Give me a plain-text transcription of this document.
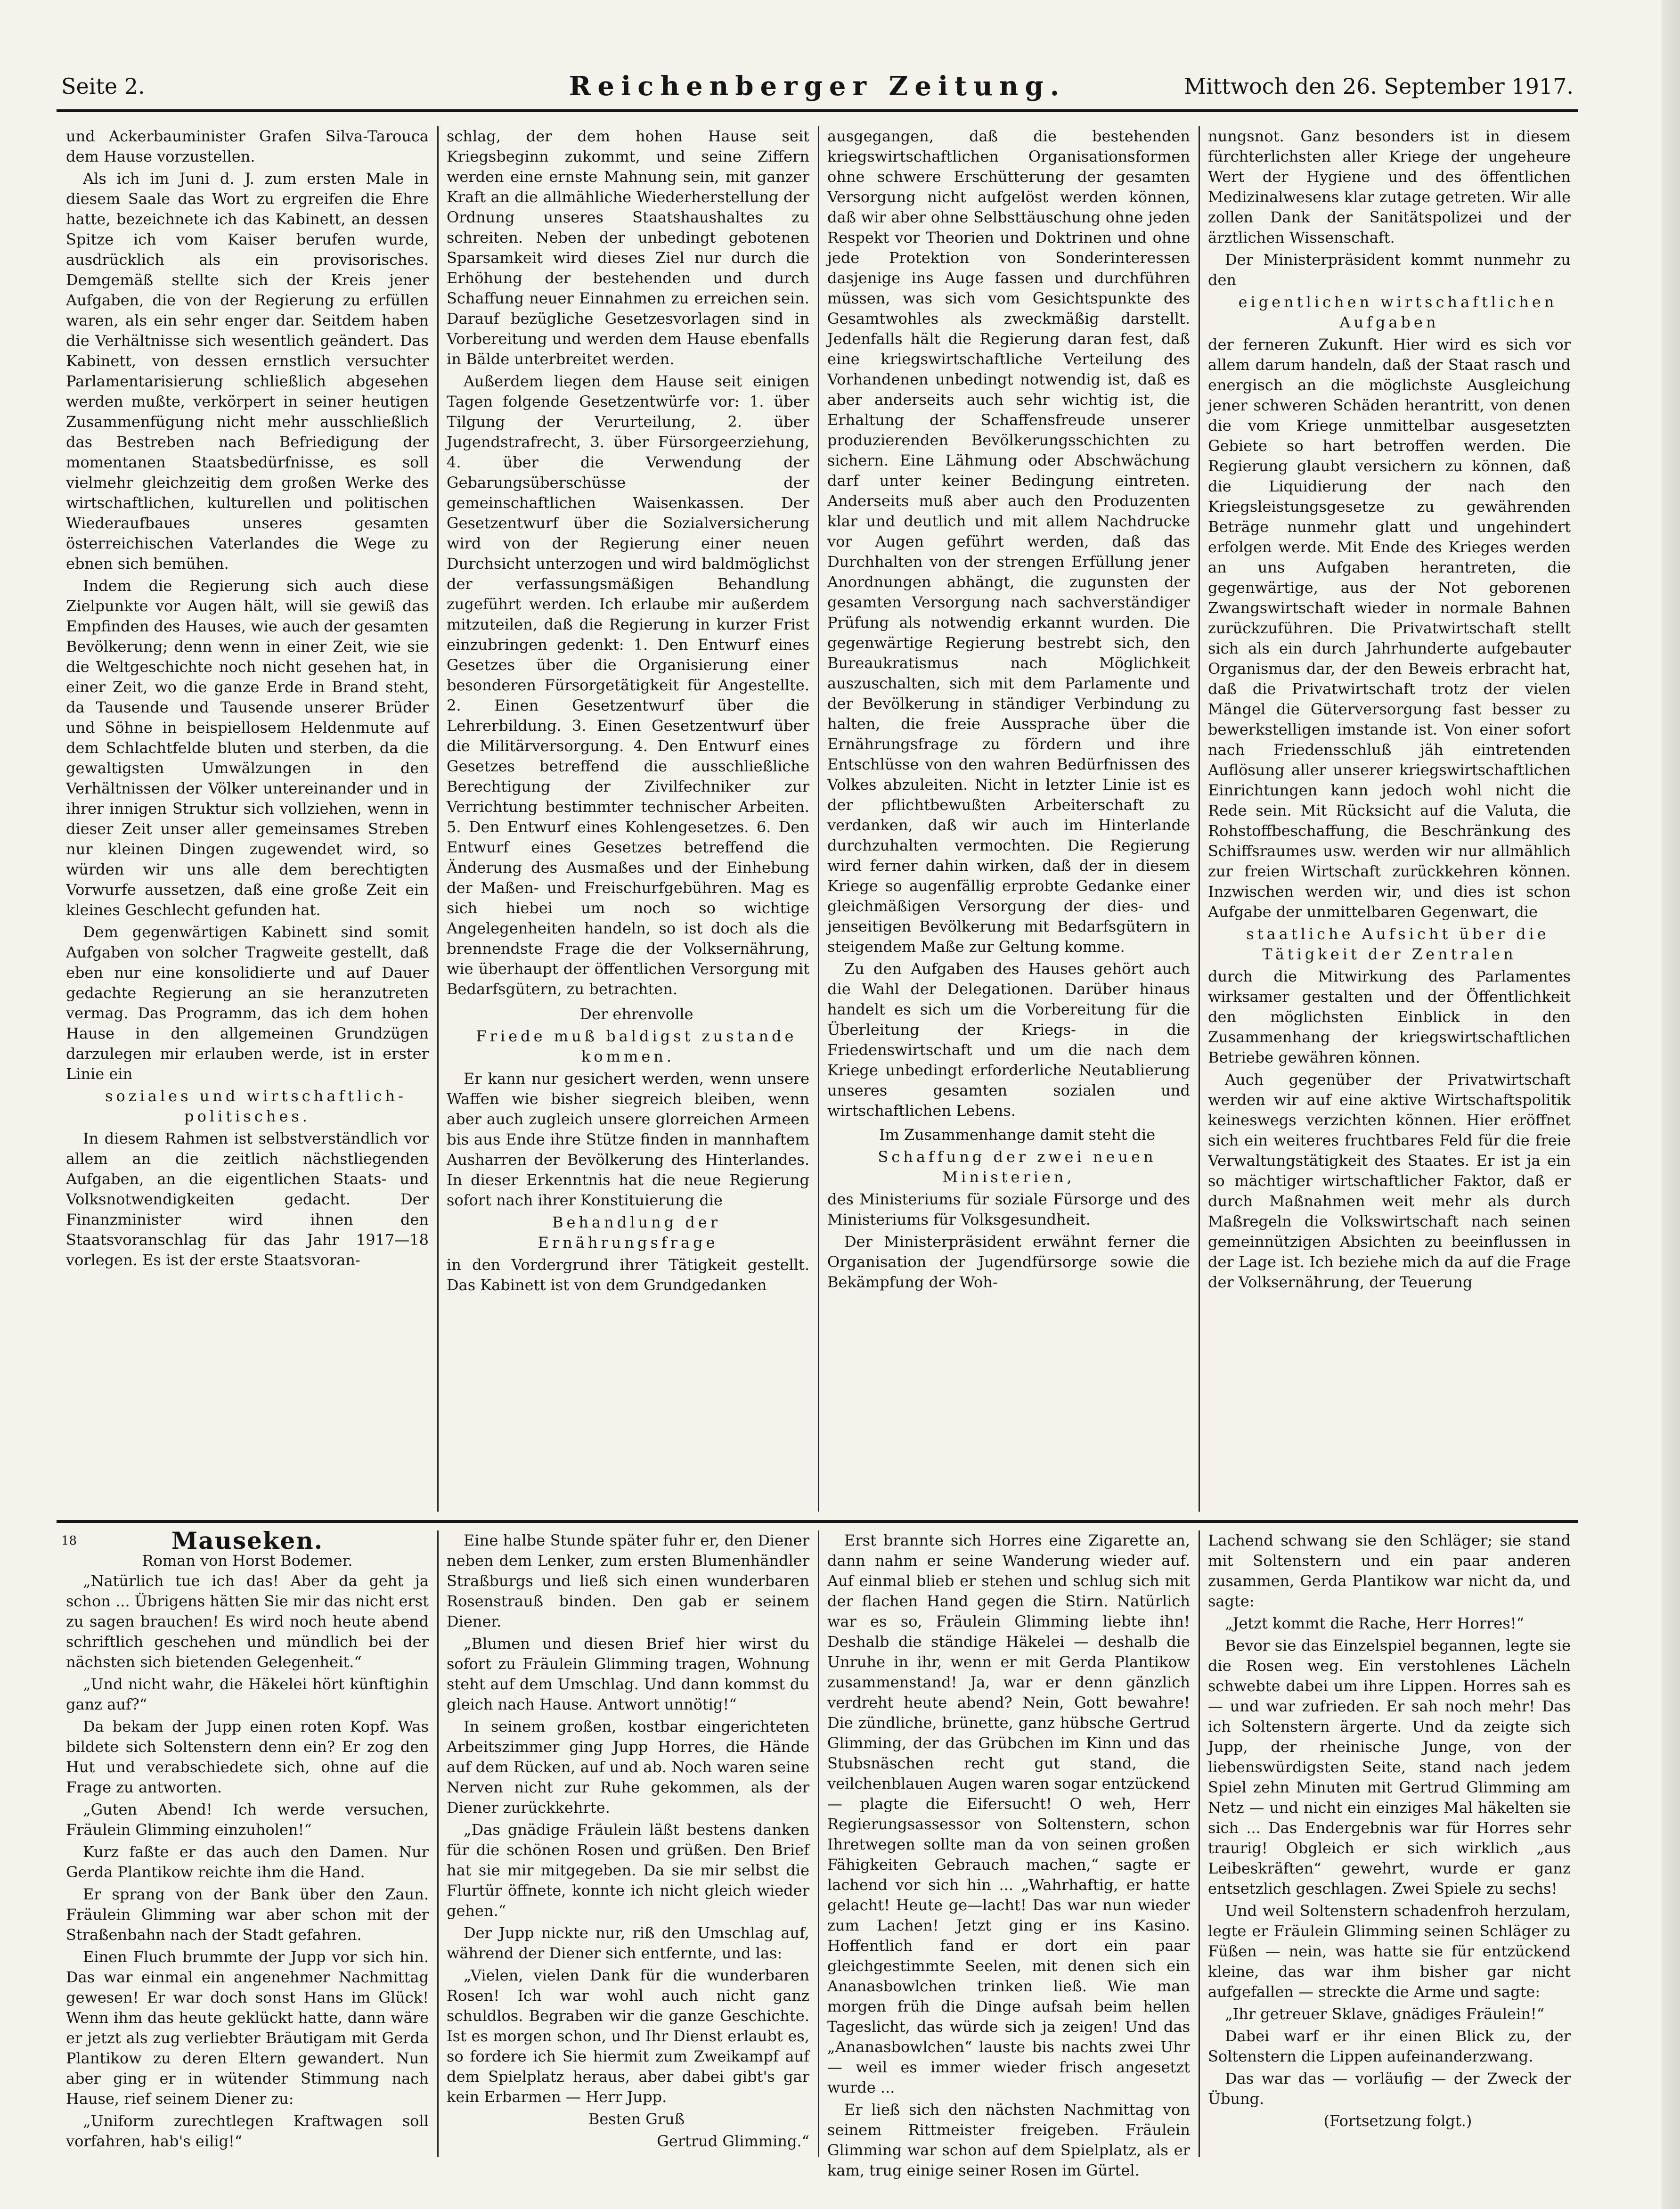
Seite 2.	Reichenberger Zeitung.	Mittwoch den 26. September 1917.

und Ackerbauminister Grafen Silva-Tarouca dem Hause vorzustellen.

Als ich im Juni d. J. zum ersten Male in diesem Saale das Wort zu ergreifen die Ehre hatte, bezeichnete ich das Kabinett, an dessen Spitze ich vom Kaiser berufen wurde, ausdrücklich als ein provisorisches. Demgemäß stellte sich der Kreis jener Aufgaben, die von der Regierung zu erfüllen waren, als ein sehr enger dar. Seitdem haben die Verhältnisse sich wesentlich geändert. Das Kabinett, von dessen ernstlich versuchter Parlamentarisierung schließlich abgesehen werden mußte, verkörpert in seiner heutigen Zusammenfügung nicht mehr ausschließlich das Bestreben nach Befriedigung der momentanen Staatsbedürfnisse, es soll vielmehr gleichzeitig dem großen Werke des wirtschaftlichen, kulturellen und politischen Wiederaufbaues unseres gesamten österreichischen Vaterlandes die Wege zu ebnen sich bemühen.

Indem die Regierung sich auch diese Zielpunkte vor Augen hält, will sie gewiß das Empfinden des Hauses, wie auch der gesamten Bevölkerung; denn wenn in einer Zeit, wie sie die Weltgeschichte noch nicht gesehen hat, in einer Zeit, wo die ganze Erde in Brand steht, da Tausende und Tausende unserer Brüder und Söhne in beispiellosem Heldenmute auf dem Schlachtfelde bluten und sterben, da die gewaltigsten Umwälzungen in den Verhältnissen der Völker untereinander und in ihrer innigen Struktur sich vollziehen, wenn in dieser Zeit unser aller gemeinsames Streben nur kleinen Dingen zugewendet wird, so würden wir uns alle dem berechtigten Vorwurfe aussetzen, daß eine große Zeit ein kleines Geschlecht gefunden hat.

Dem gegenwärtigen Kabinett sind somit Aufgaben von solcher Tragweite gestellt, daß eben nur eine konsolidierte und auf Dauer gedachte Regierung an sie heranzutreten vermag. Das Programm, das ich dem hohen Hause in den allgemeinen Grundzügen darzulegen mir erlauben werde, ist in erster Linie ein

soziales und wirtschaftlich-politisches.

In diesem Rahmen ist selbstverständlich vor allem an die zeitlich nächstliegenden Aufgaben, an die eigentlichen Staats- und Volksnotwendigkeiten gedacht. Der Finanzminister wird ihnen den Staatsvoranschlag für das Jahr 1917—18 vorlegen. Es ist der erste Staatsvoran-

schlag, der dem hohen Hause seit Kriegsbeginn zukommt, und seine Ziffern werden eine ernste Mahnung sein, mit ganzer Kraft an die allmähliche Wiederherstellung der Ordnung unseres Staatshaushaltes zu schreiten. Neben der unbedingt gebotenen Sparsamkeit wird dieses Ziel nur durch die Erhöhung der bestehenden und durch Schaffung neuer Einnahmen zu erreichen sein. Darauf bezügliche Gesetzesvorlagen sind in Vorbereitung und werden dem Hause ebenfalls in Bälde unterbreitet werden.

Außerdem liegen dem Hause seit einigen Tagen folgende Gesetzentwürfe vor: 1. über Tilgung der Verurteilung, 2. über Jugendstrafrecht, 3. über Fürsorgeerziehung, 4. über die Verwendung der Gebarungsüberschüsse der gemeinschaftlichen Waisenkassen. Der Gesetzentwurf über die Sozialversicherung wird von der Regierung einer neuen Durchsicht unterzogen und wird baldmöglichst der verfassungsmäßigen Behandlung zugeführt werden. Ich erlaube mir außerdem mitzuteilen, daß die Regierung in kurzer Frist einzubringen gedenkt: 1. Den Entwurf eines Gesetzes über die Organisierung einer besonderen Fürsorgetätigkeit für Angestellte. 2. Einen Gesetzentwurf über die Lehrerbildung. 3. Einen Gesetzentwurf über die Militärversorgung. 4. Den Entwurf eines Gesetzes betreffend die ausschließliche Berechtigung der Zivilfechniker zur Verrichtung bestimmter technischer Arbeiten. 5. Den Entwurf eines Kohlengesetzes. 6. Den Entwurf eines Gesetzes betreffend die Änderung des Ausmaßes und der Einhebung der Maßen- und Freischurfgebühren. Mag es sich hiebei um noch so wichtige Angelegenheiten handeln, so ist doch als die brennendste Frage die der Volksernährung, wie überhaupt der öffentlichen Versorgung mit Bedarfsgütern, zu betrachten.

Der ehrenvolle

Friede muß baldigst zustande kommen.

Er kann nur gesichert werden, wenn unsere Waffen wie bisher siegreich bleiben, wenn aber auch zugleich unsere glorreichen Armeen bis aus Ende ihre Stütze finden in mannhaftem Ausharren der Bevölkerung des Hinterlandes. In dieser Erkenntnis hat die neue Regierung sofort nach ihrer Konstituierung die

Behandlung der Ernährungsfrage

in den Vordergrund ihrer Tätigkeit gestellt. Das Kabinett ist von dem Grundgedanken

ausgegangen, daß die bestehenden kriegswirtschaftlichen Organisationsformen ohne schwere Erschütterung der gesamten Versorgung nicht aufgelöst werden können, daß wir aber ohne Selbsttäuschung ohne jeden Respekt vor Theorien und Doktrinen und ohne jede Protektion von Sonderinteressen dasjenige ins Auge fassen und durchführen müssen, was sich vom Gesichtspunkte des Gesamtwohles als zweckmäßig darstellt. Jedenfalls hält die Regierung daran fest, daß eine kriegswirtschaftliche Verteilung des Vorhandenen unbedingt notwendig ist, daß es aber anderseits auch sehr wichtig ist, die Erhaltung der Schaffensfreude unserer produzierenden Bevölkerungsschichten zu sichern. Eine Lähmung oder Abschwächung darf unter keiner Bedingung eintreten. Anderseits muß aber auch den Produzenten klar und deutlich und mit allem Nachdrucke vor Augen geführt werden, daß das Durchhalten von der strengen Erfüllung jener Anordnungen abhängt, die zugunsten der gesamten Versorgung nach sachverständiger Prüfung als notwendig erkannt wurden. Die gegenwärtige Regierung bestrebt sich, den Bureaukratismus nach Möglichkeit auszuschalten, sich mit dem Parlamente und der Bevölkerung in ständiger Verbindung zu halten, die freie Aussprache über die Ernährungsfrage zu fördern und ihre Entschlüsse von den wahren Bedürfnissen des Volkes abzuleiten. Nicht in letzter Linie ist es der pflichtbewußten Arbeiterschaft zu verdanken, daß wir auch im Hinterlande durchzuhalten vermochten. Die Regierung wird ferner dahin wirken, daß der in diesem Kriege so augenfällig erprobte Gedanke einer gleichmäßigen Versorgung der dies- und jenseitigen Bevölkerung mit Bedarfsgütern in steigendem Maße zur Geltung komme.

Zu den Aufgaben des Hauses gehört auch die Wahl der Delegationen. Darüber hinaus handelt es sich um die Vorbereitung für die Überleitung der Kriegs- in die Friedenswirtschaft und um die nach dem Kriege unbedingt erforderliche Neutablierung unseres gesamten sozialen und wirtschaftlichen Lebens.

Im Zusammenhange damit steht die

Schaffung der zwei neuen Ministerien,

des Ministeriums für soziale Fürsorge und des Ministeriums für Volksgesundheit.

Der Ministerpräsident erwähnt ferner die Organisation der Jugendfürsorge sowie die Bekämpfung der Woh-

nungsnot. Ganz besonders ist in diesem fürchterlichsten aller Kriege der ungeheure Wert der Hygiene und des öffentlichen Medizinalwesens klar zutage getreten. Wir alle zollen Dank der Sanitätspolizei und der ärztlichen Wissenschaft.

Der Ministerpräsident kommt nunmehr zu den

eigentlichen wirtschaftlichen Aufgaben

der ferneren Zukunft. Hier wird es sich vor allem darum handeln, daß der Staat rasch und energisch an die möglichste Ausgleichung jener schweren Schäden herantritt, von denen die vom Kriege unmittelbar ausgesetzten Gebiete so hart betroffen werden. Die Regierung glaubt versichern zu können, daß die Liquidierung der nach den Kriegsleistungsgesetze zu gewährenden Beträge nunmehr glatt und ungehindert erfolgen werde. Mit Ende des Krieges werden an uns Aufgaben herantreten, die gegenwärtige, aus der Not geborenen Zwangswirtschaft wieder in normale Bahnen zurückzuführen. Die Privatwirtschaft stellt sich als ein durch Jahrhunderte aufgebauter Organismus dar, der den Beweis erbracht hat, daß die Privatwirtschaft trotz der vielen Mängel die Güterversorgung fast besser zu bewerkstelligen imstande ist. Von einer sofort nach Friedensschluß jäh eintretenden Auflösung aller unserer kriegswirtschaftlichen Einrichtungen kann jedoch wohl nicht die Rede sein. Mit Rücksicht auf die Valuta, die Rohstoffbeschaffung, die Beschränkung des Schiffsraumes usw. werden wir nur allmählich zur freien Wirtschaft zurückkehren können. Inzwischen werden wir, und dies ist schon Aufgabe der unmittelbaren Gegenwart, die

staatliche Aufsicht über die Tätigkeit der Zentralen

durch die Mitwirkung des Parlamentes wirksamer gestalten und der Öffentlichkeit den möglichsten Einblick in den Zusammenhang der kriegswirtschaftlichen Betriebe gewähren können.

Auch gegenüber der Privatwirtschaft werden wir auf eine aktive Wirtschaftspolitik keineswegs verzichten können. Hier eröffnet sich ein weiteres fruchtbares Feld für die freie Verwaltungstätigkeit des Staates. Er ist ja ein so mächtiger wirtschaftlicher Faktor, daß er durch Maßnahmen weit mehr als durch Maßregeln die Volkswirtschaft nach seinen gemeinnützigen Absichten zu beeinflussen in der Lage ist. Ich beziehe mich da auf die Frage der Volksernährung, der Teuerung

18	Mauseken.
Roman von Horst Bodemer.

„Natürlich tue ich das! Aber da geht ja schon ... Übrigens hätten Sie mir das nicht erst zu sagen brauchen! Es wird noch heute abend schriftlich geschehen und mündlich bei der nächsten sich bietenden Gelegenheit.“

„Und nicht wahr, die Häkelei hört künftighin ganz auf?“

Da bekam der Jupp einen roten Kopf. Was bildete sich Soltenstern denn ein? Er zog den Hut und verabschiedete sich, ohne auf die Frage zu antworten.

„Guten Abend! Ich werde versuchen, Fräulein Glimming einzuholen!“

Kurz faßte er das auch den Damen. Nur Gerda Plantikow reichte ihm die Hand.

Er sprang von der Bank über den Zaun. Fräulein Glimming war aber schon mit der Straßenbahn nach der Stadt gefahren.

Einen Fluch brummte der Jupp vor sich hin. Das war einmal ein angenehmer Nachmittag gewesen! Er war doch sonst Hans im Glück! Wenn ihm das heute geklückt hatte, dann wäre er jetzt als zug verliebter Bräutigam mit Gerda Plantikow zu deren Eltern gewandert. Nun aber ging er in wütender Stimmung nach Hause, rief seinem Diener zu:

„Uniform zurechtlegen Kraftwagen soll vorfahren, hab's eilig!“

Eine halbe Stunde später fuhr er, den Diener neben dem Lenker, zum ersten Blumenhändler Straßburgs und ließ sich einen wunderbaren Rosenstrauß binden. Den gab er seinem Diener.

„Blumen und diesen Brief hier wirst du sofort zu Fräulein Glimming tragen, Wohnung steht auf dem Umschlag. Und dann kommst du gleich nach Hause. Antwort unnötig!“

In seinem großen, kostbar eingerichteten Arbeitszimmer ging Jupp Horres, die Hände auf dem Rücken, auf und ab. Noch waren seine Nerven nicht zur Ruhe gekommen, als der Diener zurückkehrte.

„Das gnädige Fräulein läßt bestens danken für die schönen Rosen und grüßen. Den Brief hat sie mir mitgegeben. Da sie mir selbst die Flurtür öffnete, konnte ich nicht gleich wieder gehen.“

Der Jupp nickte nur, riß den Umschlag auf, während der Diener sich entfernte, und las:

„Vielen, vielen Dank für die wunderbaren Rosen! Ich war wohl auch nicht ganz schuldlos. Begraben wir die ganze Geschichte. Ist es morgen schon, und Ihr Dienst erlaubt es, so fordere ich Sie hiermit zum Zweikampf auf dem Spielplatz heraus, aber dabei gibt's gar kein Erbarmen — Herr Jupp.

Besten Gruß

Gertrud Glimming.“

Erst brannte sich Horres eine Zigarette an, dann nahm er seine Wanderung wieder auf. Auf einmal blieb er stehen und schlug sich mit der flachen Hand gegen die Stirn. Natürlich war es so, Fräulein Glimming liebte ihn! Deshalb die ständige Häkelei — deshalb die Unruhe in ihr, wenn er mit Gerda Plantikow zusammenstand! Ja, war er denn gänzlich verdreht heute abend? Nein, Gott bewahre! Die zündliche, brünette, ganz hübsche Gertrud Glimming, der das Grübchen im Kinn und das Stubsnäschen recht gut stand, die veilchenblauen Augen waren sogar entzückend — plagte die Eifersucht! O weh, Herr Regierungsassessor von Soltenstern, schon Ihretwegen sollte man da von seinen großen Fähigkeiten Gebrauch machen,“ sagte er lachend vor sich hin ... „Wahrhaftig, er hatte gelacht! Heute ge—lacht! Das war nun wieder zum Lachen! Jetzt ging er ins Kasino. Hoffentlich fand er dort ein paar gleichgestimmte Seelen, mit denen sich ein Ananasbowlchen trinken ließ. Wie man morgen früh die Dinge aufsah beim hellen Tageslicht, das würde sich ja zeigen! Und das „Ananasbowlchen“ lauste bis nachts zwei Uhr — weil es immer wieder frisch angesetzt wurde ...

Er ließ sich den nächsten Nachmittag von seinem Rittmeister freigeben. Fräulein Glimming war schon auf dem Spielplatz, als er kam, trug einige seiner Rosen im Gürtel.

Lachend schwang sie den Schläger; sie stand mit Soltenstern und ein paar anderen zusammen, Gerda Plantikow war nicht da, und sagte:

„Jetzt kommt die Rache, Herr Horres!“

Bevor sie das Einzelspiel begannen, legte sie die Rosen weg. Ein verstohlenes Lächeln schwebte dabei um ihre Lippen. Horres sah es — und war zufrieden. Er sah noch mehr! Das ich Soltenstern ärgerte. Und da zeigte sich Jupp, der rheinische Junge, von der liebenswürdigsten Seite, stand nach jedem Spiel zehn Minuten mit Gertrud Glimming am Netz — und nicht ein einziges Mal häkelten sie sich ... Das Endergebnis war für Horres sehr traurig! Obgleich er sich wirklich „aus Leibeskräften“ gewehrt, wurde er ganz entsetzlich geschlagen. Zwei Spiele zu sechs!

Und weil Soltenstern schadenfroh herzulam, legte er Fräulein Glimming seinen Schläger zu Füßen — nein, was hatte sie für entzückend kleine, das war ihm bisher gar nicht aufgefallen — streckte die Arme und sagte:

„Ihr getreuer Sklave, gnädiges Fräulein!“

Dabei warf er ihr einen Blick zu, der Soltenstern die Lippen aufeinanderzwang.

Das war das — vorläufig — der Zweck der Übung.

(Fortsetzung folgt.)
